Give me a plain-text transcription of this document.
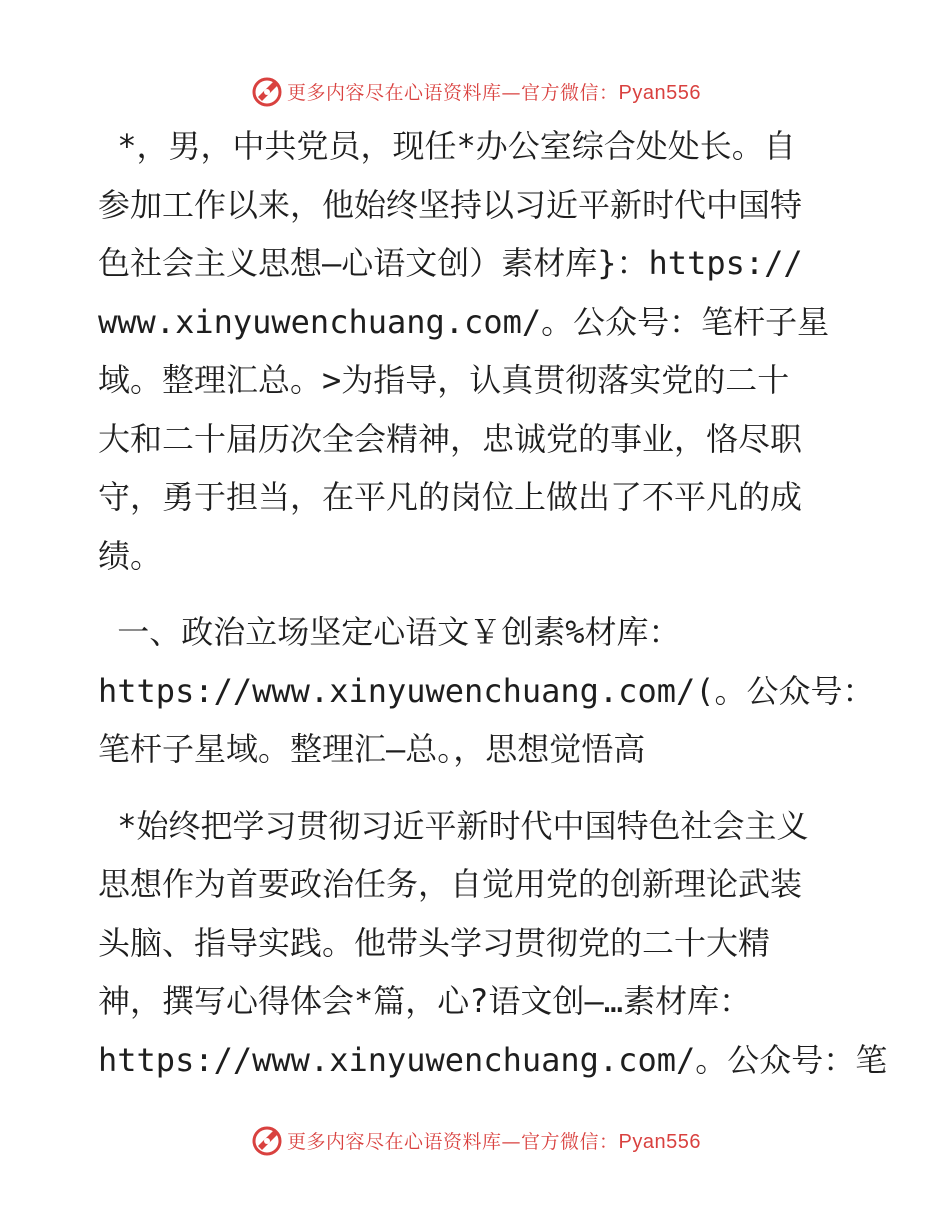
更多内容尽在心语资料库—官方微信：Pyan556
*，男，中共党员，现任*办公室综合处处长。自
参加工作以来，他始终坚持以习近平新时代中国特
色社会主义思想—心语文创）素材库}：https://
www.xinyuwenchuang.com/。公众号：笔杆子星
域。整理汇总。>为指导，认真贯彻落实党的二十
大和二十届历次全会精神，忠诚党的事业，恪尽职
守，勇于担当，在平凡的岗位上做出了不平凡的成
绩。
一、政治立场坚定心语文￥创素%材库：
https://www.xinyuwenchuang.com/(。公众号：
笔杆子星域。整理汇—总。，思想觉悟高
*始终把学习贯彻习近平新时代中国特色社会主义
思想作为首要政治任务，自觉用党的创新理论武装
头脑、指导实践。他带头学习贯彻党的二十大精
神，撰写心得体会*篇，心?语文创—…素材库：
https://www.xinyuwenchuang.com/。公众号：笔
更多内容尽在心语资料库—官方微信：Pyan556
